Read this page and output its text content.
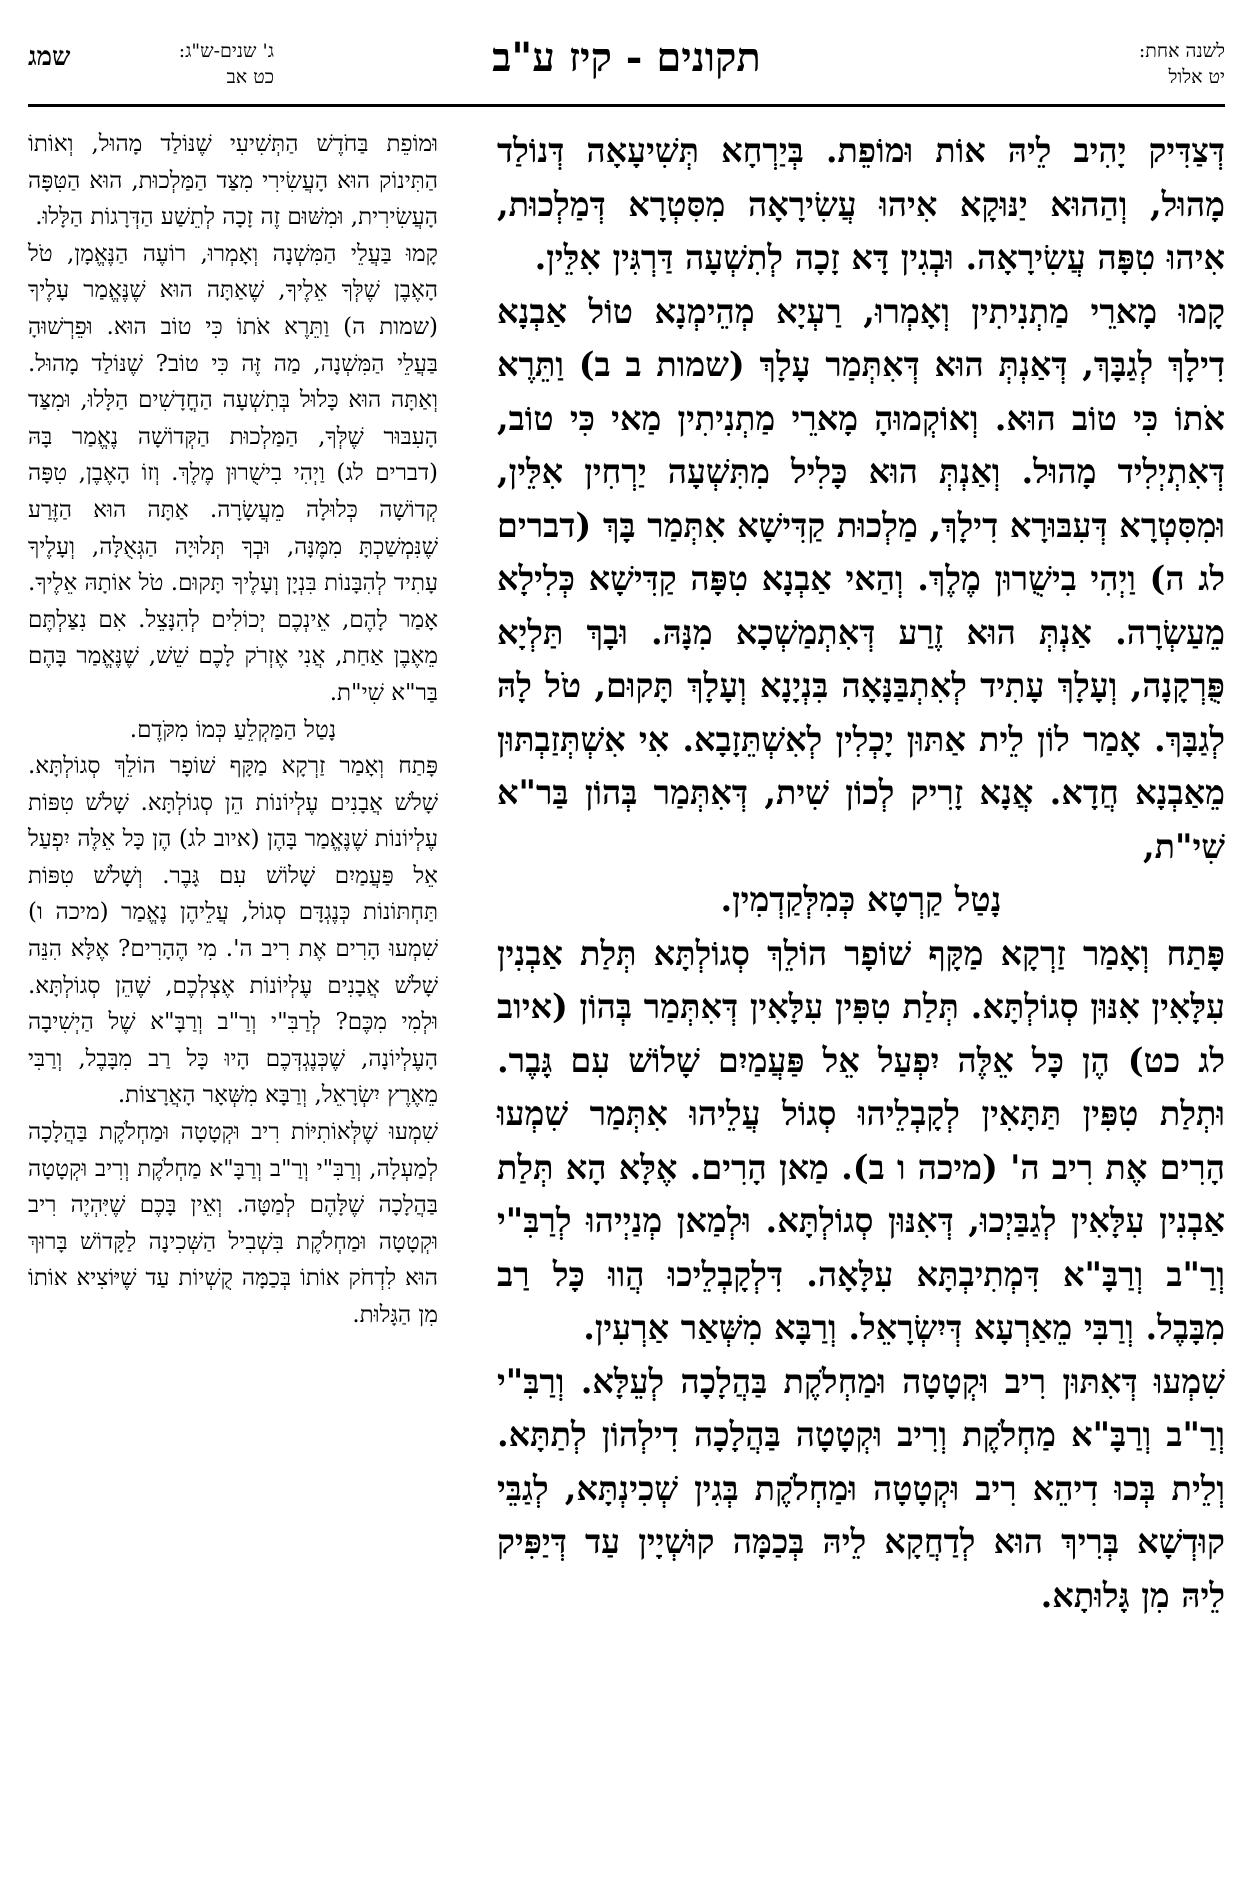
לשנה אחת:
יט אלול
תקונים - קיז ע"ב
ג' שנים-ש"ג:
כט אב
שמג

דְּצַדִּיק יָהִיב לֵיהּ אוֹת וּמוֹפֵת. בְּיַרְחָא תְּשִׁיעָאָה דְּנוֹלַד מָהוּל, וְהַהוּא יַנּוּקָא אִיהוּ עֲשִׂירָאָה מִסִּטְרָא דְּמַלְכוּת, אִיהוּ טִפָּה עֲשִׂירָאָה. וּבְגִין דָּא זָכָה לְתִשְׁעָה דַּרְגִּין אִלֵּין.

קָמוּ מָארֵי מַתְנִיתִין וְאָמְרוּ, רַעְיָא מְהֵימְנָא טוֹל אַבְנָא דִילָךְ לְגַבָּךְ, דְּאַנְתְּ הוּא דְּאִתְּמַר עָלָךְ (שמות ב ב) וַתֵּרֶא אֹתוֹ כִּי טוֹב הוּא. וְאוֹקְמוּהָ מָארֵי מַתְנִיתִין מַאי כִּי טוֹב, דְּאִתְיְלִיד מָהוּל. וְאַנְתְּ הוּא כָּלִיל מִתִּשְׁעָה יַרְחִין אִלֵּין, וּמִסִּטְרָא דְּעִבּוּרָא דִילָךְ, מַלְכוּת קַדִּישָׁא אִתְּמַר בָּךְ (דברים לג ה) וַיְהִי בִישֻׁרוּן מֶלֶךְ. וְהַאי אַבְנָא טִפָּה קַדִּישָׁא כְּלִילָא מֵעַשְׂרָה. אַנְתְּ הוּא זֶרַע דְּאִתְמַשְׁכָא מִנָּהּ. וּבָךְ תַּלְיָא פֻּרְקָנָה, וְעָלָךְ עָתִיד לְאִתְבַּנָּאָה בִּנְיָנָא וְעָלָךְ תָּקוּם, טֹל לָהּ לְגַבָּךְ. אָמַר לוֹן לֵית אַתּוּן יָכְלִין לְאִשְׁתֵּזָבָא. אִי אִשְׁתְּזַבְתּוּן מֵאַבְנָא חֲדָא. אֲנָא זָרִיק לְכוֹן שִׁית, דְּאִתְּמַר בְּהוֹן בַּר"א שִׁי"ת,

נָטַל קַרְטָא כְּמִלְּקַדְמִין.

פָּתַח וְאָמַר זַרְקָא מַקָּף שׁוֹפָר הוֹלֵךְ סְגוֹלְתָּא תְּלַת אַבְנִין עִלָּאִין אִנּוּן סְגוֹלְתָּא. תְּלַת טִפִּין עִלָּאִין דְּאִתְּמַר בְּהוֹן (איוב לג כט) הֶן כָּל אֵלֶּה יִפְעַל אֵל פַּעֲמַיִם שָׁלוֹשׁ עִם גָּבֶר. וּתְלַת טִפִּין תַּתָּאִין לְקָבְלֵיהוּ סְגוֹל עֲלֵיהוּ אִתְּמַר שִׁמְעוּ הָרִים אֶת רִיב ה' (מיכה ו ב). מַאן הָרִים. אֶלָּא הָא תְּלַת אַבְנִין עִלָּאִין לְגַבַּיְכוּ, דְּאִנּוּן סְגוֹלְתָּא. וּלְמַאן מְנַיְיהוּ לְרַבִּ"י וְרַ"ב וְרַבָּ"א דִּמְתִיבְתָּא עִלָּאָה. דִּלְקָבְלֵיכוּ הֲווּ כָּל רַב מִבָּבֶל. וְרַבִּי מֵאַרְעָא דְּיִשְׂרָאֵל. וְרַבָּא מִשְּׁאַר אַרְעִין.

שִׁמְעוּ דְּאִתּוּן רִיב וּקְטָטָה וּמַחְלֹקֶת בַּהֲלָכָה לְעֵלָּא. וְרַבִּ"י וְרַ"ב וְרַבָּ"א מַחְלֹקֶת וְרִיב וּקְטָטָה בַּהֲלָכָה דִילְהוֹן לְתַתָּא. וְלֵית בְּכוּ דִיהֵא רִיב וּקְטָטָה וּמַחְלֹקֶת בְּגִין שְׁכִינְתָּא, לְגַבֵּי קוּדְשָׁא בְּרִיךְ הוּא לְדַחֲקָא לֵיהּ בְּכַמָּה קוּשְׁיָין עַד דְּיַפִּיק לֵיהּ מִן גָּלוּתָא.

וּמוֹפֵת בַּחֹדֶשׁ הַתְּשִׁיעִי שֶׁנּוֹלַד מָהוּל, וְאוֹתוֹ הַתִּינוֹק הוּא הָעֲשִׂירִי מִצַּד הַמַּלְכוּת, הוּא הַטִּפָּה הָעֲשִׂירִית, וּמִשּׁוּם זֶה זָכָה לְתֵשַׁע הַדְּרָגוֹת הַלָּלוּ.

קָמוּ בַּעֲלֵי הַמִּשְׁנָה וְאָמְרוּ, רוֹעֶה הַנֶּאֱמָן, טֹל הָאֶבֶן שֶׁלְּךָ אֵלֶיךָ, שֶׁאַתָּה הוּא שֶׁנֶּאֱמַר עָלֶיךָ (שמות ה) וַתֵּרֶא אֹתוֹ כִּי טוֹב הוּא. וּפֵרְשׁוּהָ בַּעֲלֵי הַמִּשְׁנָה, מַה זֶּה כִּי טוֹב? שֶׁנּוֹלַד מָהוּל. וְאַתָּה הוּא כָּלוּל בְּתִשְׁעָה הַחֳדָשִׁים הַלָּלוּ, וּמִצַּד הָעִבּוּר שֶׁלְּךָ, הַמַּלְכוּת הַקְּדוֹשָׁה נֶאֱמַר בָּהּ (דברים לג) וַיְהִי בִישֻׁרוּן מֶלֶךְ. וְזוֹ הָאֶבֶן, טִפָּה קְדוֹשָׁה כְּלוּלָה מֵעֲשָׂרָה. אַתָּה הוּא הַזֶּרַע שֶׁנִּמְשַׁכְתָּ מִמֶּנָּה, וּבְךָ תְּלוּיָה הַגְּאֻלָּה, וְעָלֶיךָ עָתִיד לְהִבָּנוֹת בִּנְיָן וְעָלֶיךָ תָּקוּם. טֹל אוֹתָהּ אֵלֶיךָ. אָמַר לָהֶם, אֵינְכֶם יְכוֹלִים לְהִנָּצֵל. אִם נִצַּלְתֶּם מֵאֶבֶן אַחַת, אֲנִי אֶזְרֹק לָכֶם שֵׁשׁ, שֶׁנֶּאֱמַר בָּהֶם בַּר"א שִׁי"ת.

נָטַל הַמַּקְלֵעַ כְּמוֹ מִקֹּדֶם.

פָּתַח וְאָמַר זַרְקָא מַקָּף שׁוֹפָר הוֹלֵךְ סְגוֹלְתָּא. שָׁלֹשׁ אֲבָנִים עֶלְיוֹנוֹת הֵן סְגוֹלְתָּא. שָׁלֹשׁ טִפּוֹת עֶלְיוֹנוֹת שֶׁנֶּאֱמַר בָּהֶן (איוב לג) הֶן כָּל אֵלֶּה יִפְעַל אֵל פַּעֲמַיִם שָׁלוֹשׁ עִם גָּבֶר. וְשָׁלֹשׁ טִפּוֹת תַּחְתּוֹנוֹת כְּנֶגְדָּם סְגוֹל, עֲלֵיהֶן נֶאֱמַר (מיכה ו) שִׁמְעוּ הָרִים אֶת רִיב ה'. מִי הֶהָרִים? אֶלָּא הִנֵּה שָׁלֹשׁ אֲבָנִים עֶלְיוֹנוֹת אֶצְלְכֶם, שֶׁהֵן סְגוֹלְתָּא. וּלְמִי מִכֶּם? לְרַבִּ"י וְרַ"ב וְרַבָּ"א שֶׁל הַיְשִׁיבָה הָעֶלְיוֹנָה, שֶׁכְּנֶגְדְּכֶם הָיוּ כָּל רַב מִבָּבֶל, וְרַבִּי מֵאֶרֶץ יִשְׂרָאֵל, וְרַבָּא מִשְּׁאָר הָאֲרָצוֹת.

שִׁמְעוּ שֶׁלְּאוֹתִיּוֹת רִיב וּקְטָטָה וּמַחְלֹקֶת בַּהֲלָכָה לְמַעְלָה, וְרַבִּ"י וְרַ"ב וְרַבָּ"א מַחְלֹקֶת וְרִיב וּקְטָטָה בַּהֲלָכָה שֶׁלָּהֶם לְמַטָּה. וְאֵין בָּכֶם שֶׁיִּהְיֶה רִיב וּקְטָטָה וּמַחְלֹקֶת בִּשְׁבִיל הַשְּׁכִינָה לַקָּדוֹשׁ בָּרוּךְ הוּא לִדְחֹק אוֹתוֹ בְּכַמָּה קֻשְׁיוֹת עַד שֶׁיּוֹצִיא אוֹתוֹ מִן הַגָּלוּת.
